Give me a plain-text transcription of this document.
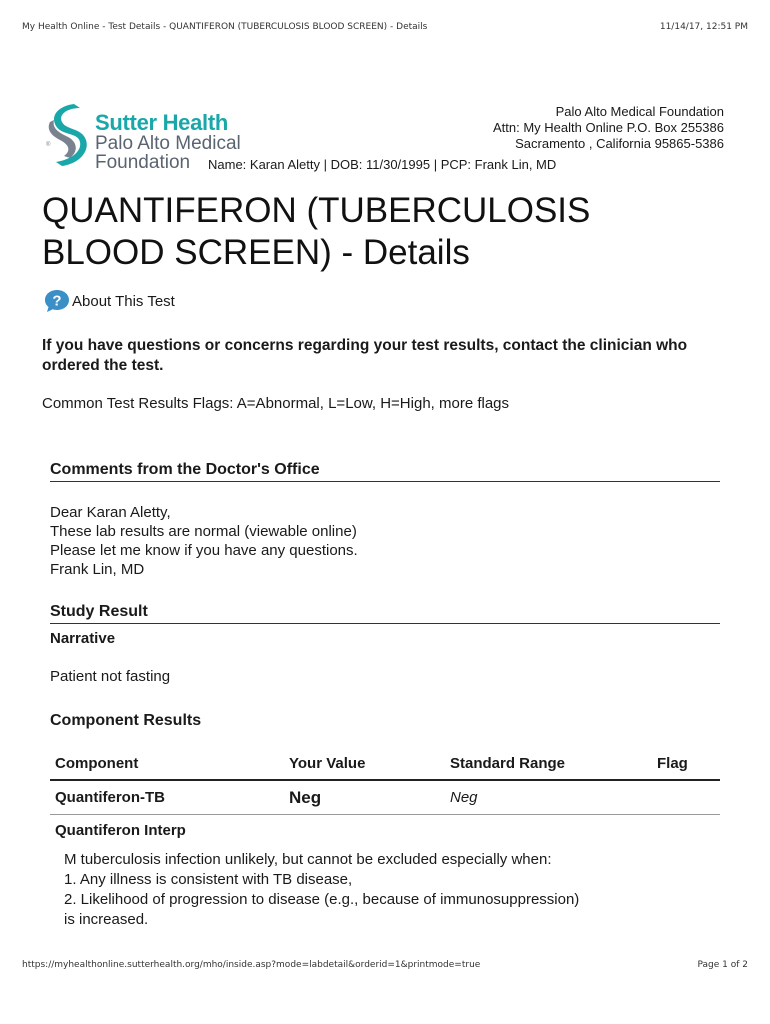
My Health Online - Test Details - QUANTIFERON (TUBERCULOSIS BLOOD SCREEN) - Details	11/14/17, 12:51 PM
®
Sutter Health
Palo Alto Medical
Foundation
Palo Alto Medical Foundation
Attn: My Health Online P.O. Box 255386
Sacramento , California 95865-5386
Name: Karan Aletty | DOB: 11/30/1995 | PCP: Frank Lin, MD
QUANTIFERON (TUBERCULOSIS BLOOD SCREEN) - Details
? About This Test
If you have questions or concerns regarding your test results, contact the clinician who ordered the test.
Common Test Results Flags: A=Abnormal, L=Low, H=High, more flags
Comments from the Doctor's Office
Dear Karan Aletty,
These lab results are normal (viewable online)
Please let me know if you have any questions.
Frank Lin, MD
Study Result
Narrative
Patient not fasting
Component Results
Component	Your Value	Standard Range	Flag
Quantiferon-TB	Neg	Neg
Quantiferon Interp
M tuberculosis infection unlikely, but cannot be excluded especially when:
1. Any illness is consistent with TB disease,
2. Likelihood of progression to disease (e.g., because of immunosuppression)
is increased.
https://myhealthonline.sutterhealth.org/mho/inside.asp?mode=labdetail&orderid=1&printmode=true	Page 1 of 2
